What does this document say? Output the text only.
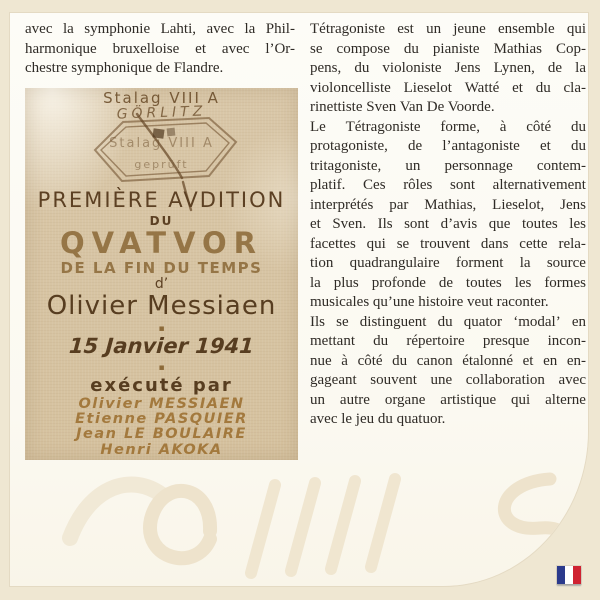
avec la symphonie Lahti, avec la Phil-
harmonique bruxelloise et avec l’Or-
chestre symphonique de Flandre.
Tétragoniste est un jeune ensemble qui
se compose du pianiste Mathias Cop-
pens, du violoniste Jens Lynen, de la
violoncelliste Lieselot Watté et du cla-
rinettiste Sven Van De Voorde.
Le Tétragoniste forme, à côté du
protagoniste, de l’antagoniste et du
tritagoniste, un personnage contem-
platif. Ces rôles sont alternativement
interprétés par Mathias, Lieselot, Jens
et Sven. Ils sont d’avis que toutes les
facettes qui se trouvent dans cette rela-
tion quadrangulaire forment la source
la plus profonde de toutes les formes
musicales qu’une histoire veut raconter.
Ils se distinguent du quator ‘modal’ en
mettant du répertoire presque incon-
nue à côté du canon étalonné et en en-
gageant souvent une collaboration avec
un autre organe artistique qui alterne
avec le jeu du quatuor.
Stalag VIII A
GÖRLITZ
Stalag VIII A
geprüft
PREMIÈRE AVDITION
DU
QVATVOR
DE LA FIN DU TEMPS
d’
Olivier Messiaen
▪
15 Janvier 1941
▪
exécuté par
Olivier MESSIAEN
Etienne PASQUIER
Jean LE BOULAIRE
Henri AKOKA
